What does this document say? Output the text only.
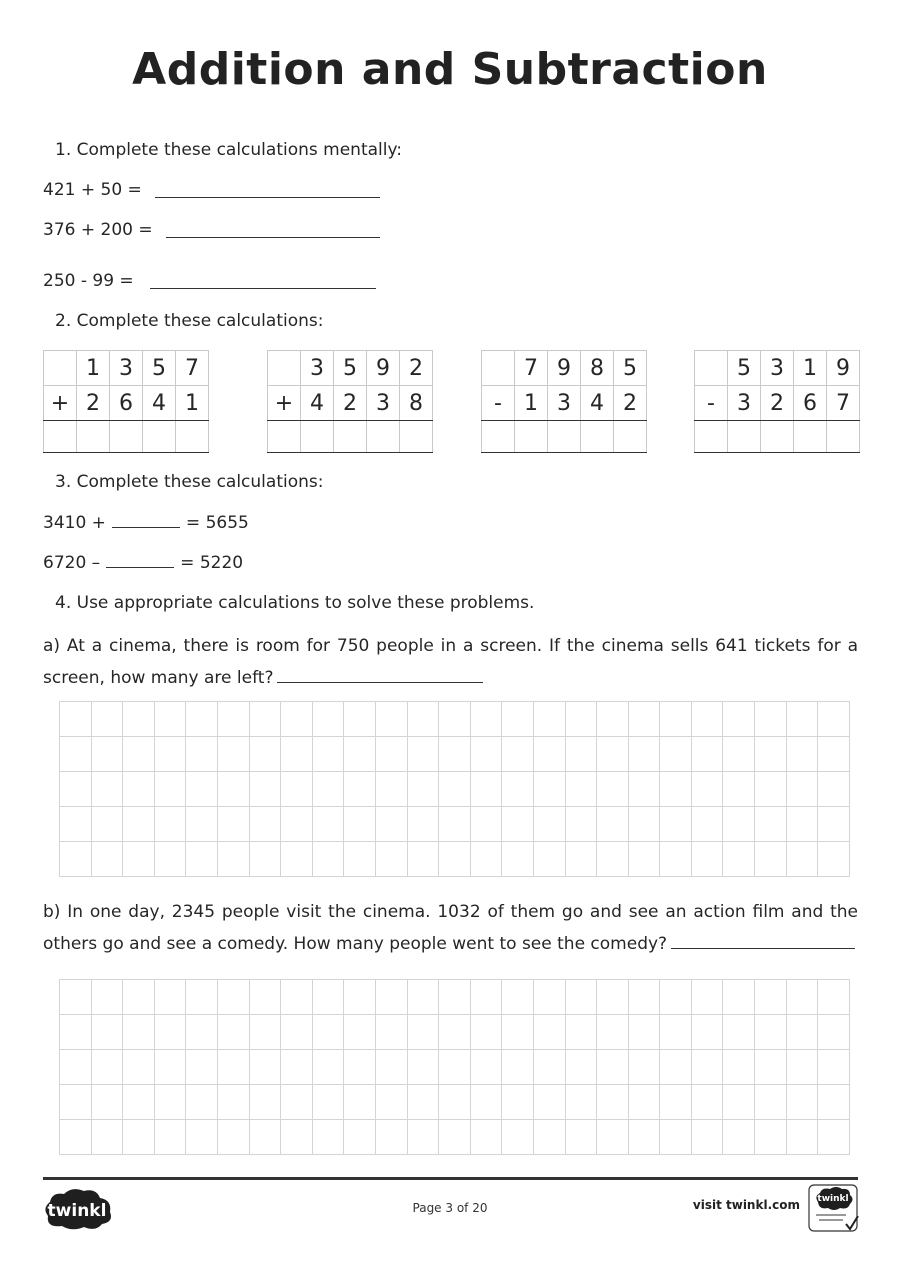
Addition and Subtraction
1. Complete these calculations mentally:
421 + 50 =
376 + 200 =
250 - 99 =
2. Complete these calculations:
	1	3	5	7
+	2	6	4	1

	3	5	9	2
+	4	2	3	8

	7	9	8	5
-	1	3	4	2

	5	3	1	9
-	3	2	6	7

3. Complete these calculations:
3410 +	= 5655
6720 –	= 5220
4. Use appropriate calculations to solve these problems.
a) At a cinema, there is room for 750 people in a screen. If the cinema sells 641 tickets for a
screen, how many are left?

b) In one day, 2345 people visit the cinema. 1032 of them go and see an action film and the
others go and see a comedy. How many people went to see the comedy?

twinkl	Page 3 of 20	visit twinkl.com twinkl
